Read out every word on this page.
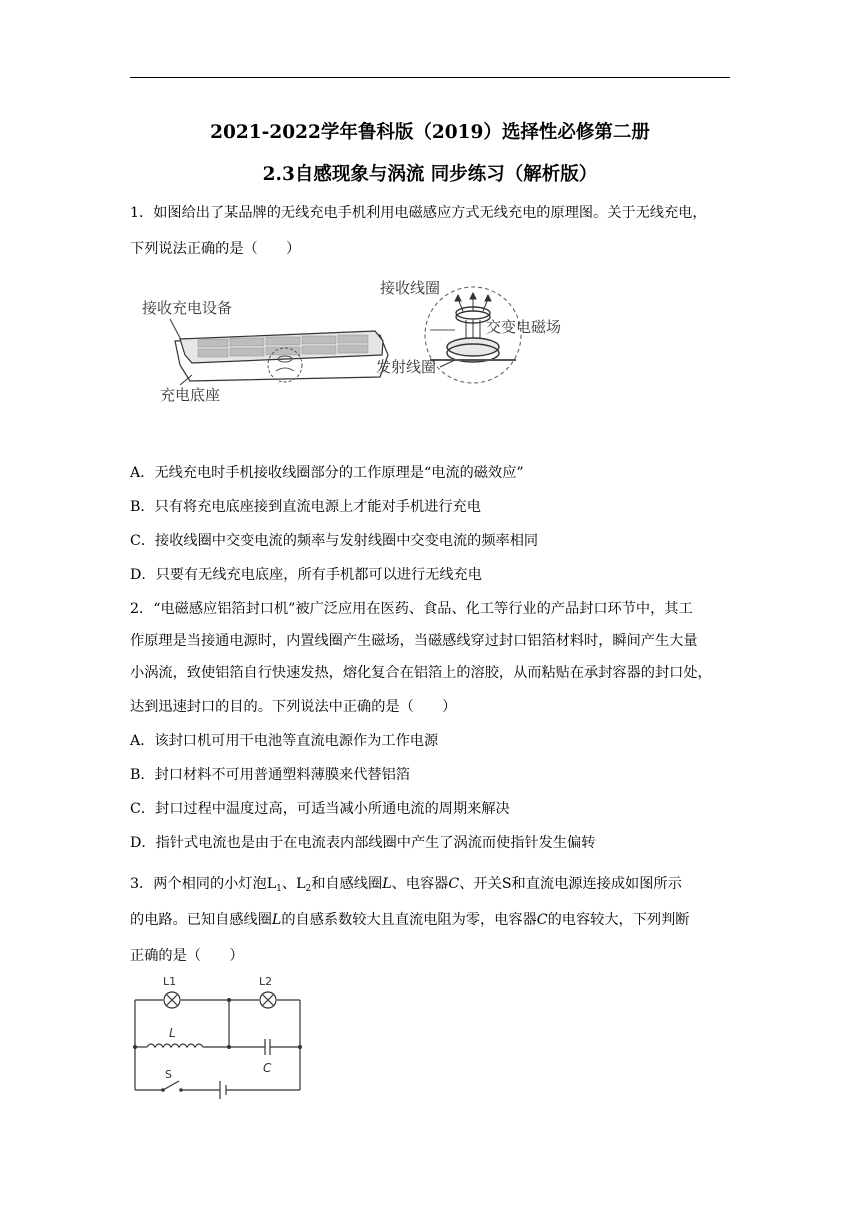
2021-2022学年鲁科版（2019）选择性必修第二册
2.3自感现象与涡流 同步练习（解析版）
1．如图给出了某品牌的无线充电手机利用电磁感应方式无线充电的原理图。关于无线充电，
下列说法正确的是（　　）
接收充电设备
充电底座
接收线圈
交变电磁场
发射线圈
A．无线充电时手机接收线圈部分的工作原理是“电流的磁效应”
B．只有将充电底座接到直流电源上才能对手机进行充电
C．接收线圈中交变电流的频率与发射线圈中交变电流的频率相同
D．只要有无线充电底座，所有手机都可以进行无线充电
2．“电磁感应铝箔封口机”被广泛应用在医药、食品、化工等行业的产品封口环节中，其工
作原理是当接通电源时，内置线圈产生磁场，当磁感线穿过封口铝箔材料时，瞬间产生大量
小涡流，致使铝箔自行快速发热，熔化复合在铝箔上的溶胶，从而粘贴在承封容器的封口处，
达到迅速封口的目的。下列说法中正确的是（　　）
A．该封口机可用干电池等直流电源作为工作电源
B．封口材料不可用普通塑料薄膜来代替铝箔
C．封口过程中温度过高，可适当减小所通电流的周期来解决
D．指针式电流也是由于在电流表内部线圈中产生了涡流而使指针发生偏转
3．两个相同的小灯泡$L_1$、$L_2$和自感线圈L、电容器C、开关S和直流电源连接成如图所示
的电路。已知自感线圈L的自感系数较大且直流电阻为零，电容器C的电容较大，下列判断
正确的是（　　）
L1	L2
L
C
S
